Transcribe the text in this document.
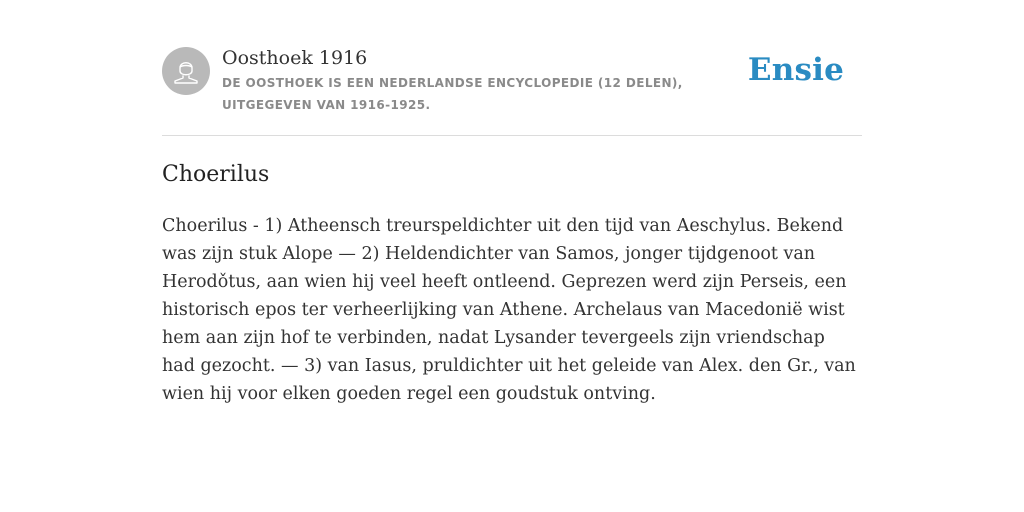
Oosthoek 1916

DE OOSTHOEK IS EEN NEDERLANDSE ENCYCLOPEDIE (12 DELEN), UITGEGEVEN VAN 1916-1925.

Ensie
Choerilus

Choerilus - 1) Atheensch treurspeldichter uit den tijd van Aeschylus. Bekend was zijn stuk Alope — 2) Heldendichter van Samos, jonger tijdgenoot van Herodǒtus, aan wien hij veel heeft ontleend. Geprezen werd zijn Perseis, een historisch epos ter verheerlijking van Athene. Archelaus van Macedonië wist hem aan zijn hof te verbinden, nadat Lysander tevergeels zijn vriendschap had gezocht. — 3) van Iasus, pruldichter uit het geleide van Alex. den Gr., van wien hij voor elken goeden regel een goudstuk ontving.
